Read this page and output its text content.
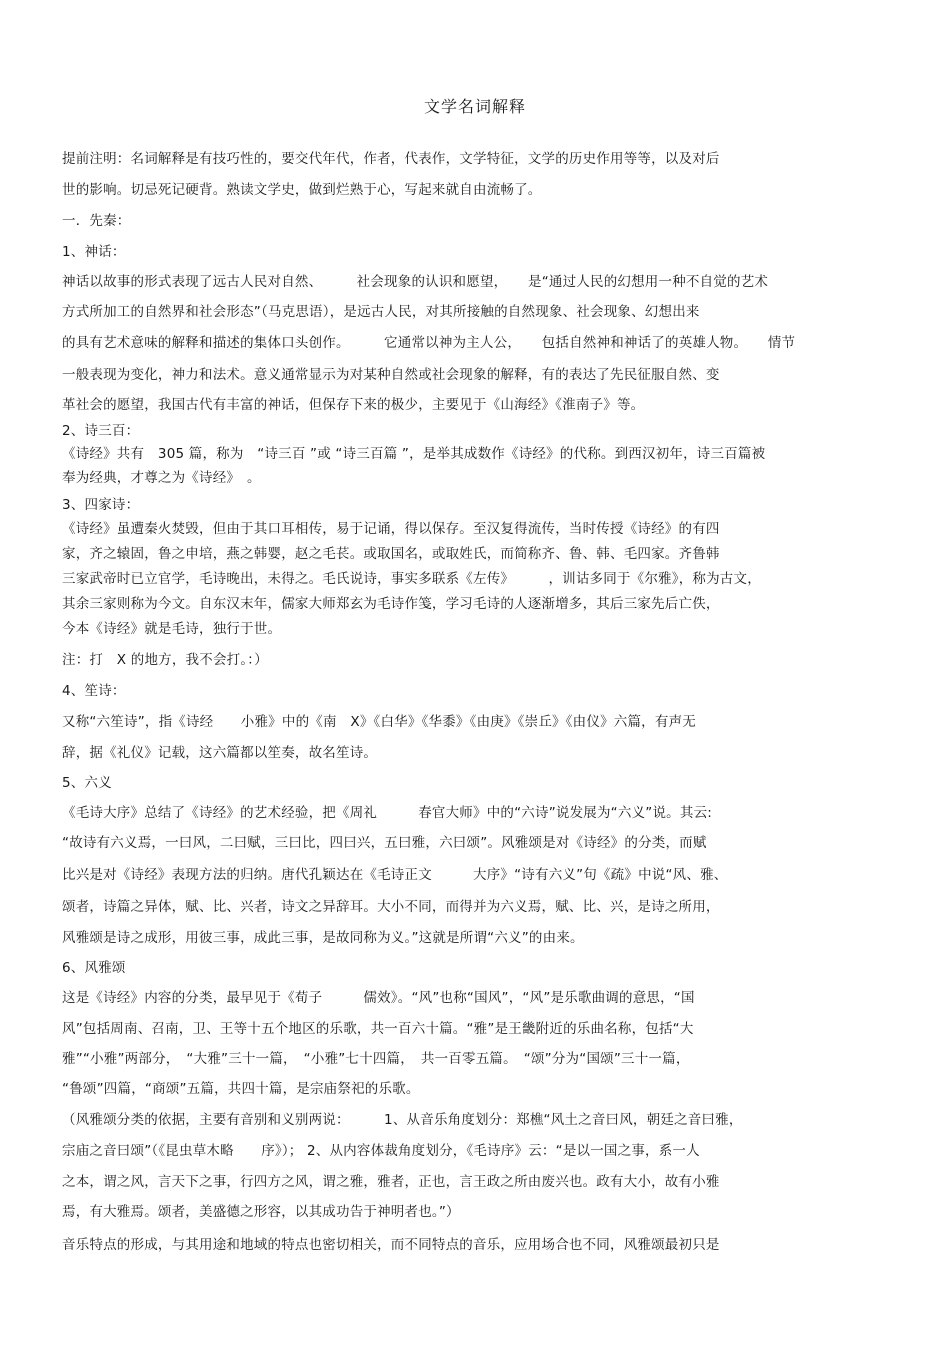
文学名词解释
提前注明：名词解释是有技巧性的，要交代年代，作者，代表作，文学特征，文学的历史作用等等，以及对后
世的影响。切忌死记硬背。熟读文学史，做到烂熟于心，写起来就自由流畅了。
一．先秦：
1、神话：
神话以故事的形式表现了远古人民对自然、　　　社会现象的认识和愿望，　　是“通过人民的幻想用一种不自觉的艺术
方式所加工的自然界和社会形态”（马克思语），是远古人民，对其所接触的自然现象、社会现象、幻想出来
的具有艺术意味的解释和描述的集体口头创作。　　　它通常以神为主人公，　　包括自然神和神话了的英雄人物。　　情节
一般表现为变化，神力和法术。意义通常显示为对某种自然或社会现象的解释，有的表达了先民征服自然、变
革社会的愿望，我国古代有丰富的神话，但保存下来的极少，主要见于《山海经》《淮南子》等。
2、诗三百：
《诗经》共有　305 篇，称为　“诗三百 ”或 “诗三百篇 ”，是举其成数作《诗经》的代称。到西汉初年，诗三百篇被
奉为经典，才尊之为《诗经》　。
3、四家诗：
《诗经》虽遭秦火焚毁，但由于其口耳相传，易于记诵，得以保存。至汉复得流传，当时传授《诗经》的有四
家，齐之辕固，鲁之申培，燕之韩婴，赵之毛苌。或取国名，或取姓氏，而简称齐、鲁、韩、毛四家。齐鲁韩
三家武帝时已立官学，毛诗晚出，未得之。毛氏说诗，事实多联系《左传》　　　，训诂多同于《尔雅》，称为古文，
其余三家则称为今文。自东汉末年，儒家大师郑玄为毛诗作笺，学习毛诗的人逐渐增多，其后三家先后亡佚，
今本《诗经》就是毛诗，独行于世。
注：打　X 的地方，我不会打。：）
4、笙诗：
又称“六笙诗”，指《诗经　　小雅》中的《南　X》《白华》《华黍》《由庚》《崇丘》《由仪》六篇，有声无
辞，据《礼仪》记载，这六篇都以笙奏，故名笙诗。
5、六义
《毛诗大序》总结了《诗经》的艺术经验，把《周礼　　　春官大师》中的“六诗”说发展为“六义”说。其云:
“故诗有六义焉，一曰风，二曰赋，三曰比，四曰兴，五曰雅，六曰颂”。风雅颂是对《诗经》的分类，而赋
比兴是对《诗经》表现方法的归纳。唐代孔颖达在《毛诗正文　　　大序》“诗有六义”句《疏》中说“风、雅、
颂者，诗篇之异体，赋、比、兴者，诗文之异辞耳。大小不同，而得并为六义焉，赋、比、兴，是诗之所用，
风雅颂是诗之成形，用彼三事，成此三事，是故同称为义。”这就是所谓“六义”的由来。
6、风雅颂
这是《诗经》内容的分类，最早见于《荀子　　　儒效》。“风”也称“国风”，“风”是乐歌曲调的意思，“国
风”包括周南、召南，卫、王等十五个地区的乐歌，共一百六十篇。“雅”是王畿附近的乐曲名称，包括“大
雅”“小雅”两部分，　“大雅”三十一篇，　“小雅”七十四篇，　共一百零五篇。　“颂”分为“国颂”三十一篇，
“鲁颂”四篇，“商颂”五篇，共四十篇，是宗庙祭祀的乐歌。
（风雅颂分类的依据，主要有音别和义别两说：　　　1、从音乐角度划分：郑樵“风土之音曰风，朝廷之音曰雅，
宗庙之音曰颂”（《昆虫草木略　　序》）； 2、从内容体裁角度划分，《毛诗序》云：“是以一国之事，系一人
之本，谓之风，言天下之事，行四方之风，谓之雅，雅者，正也，言王政之所由废兴也。政有大小，故有小雅
焉，有大雅焉。颂者，美盛德之形容，以其成功告于神明者也。”）
音乐特点的形成，与其用途和地域的特点也密切相关，而不同特点的音乐，应用场合也不同，风雅颂最初只是
